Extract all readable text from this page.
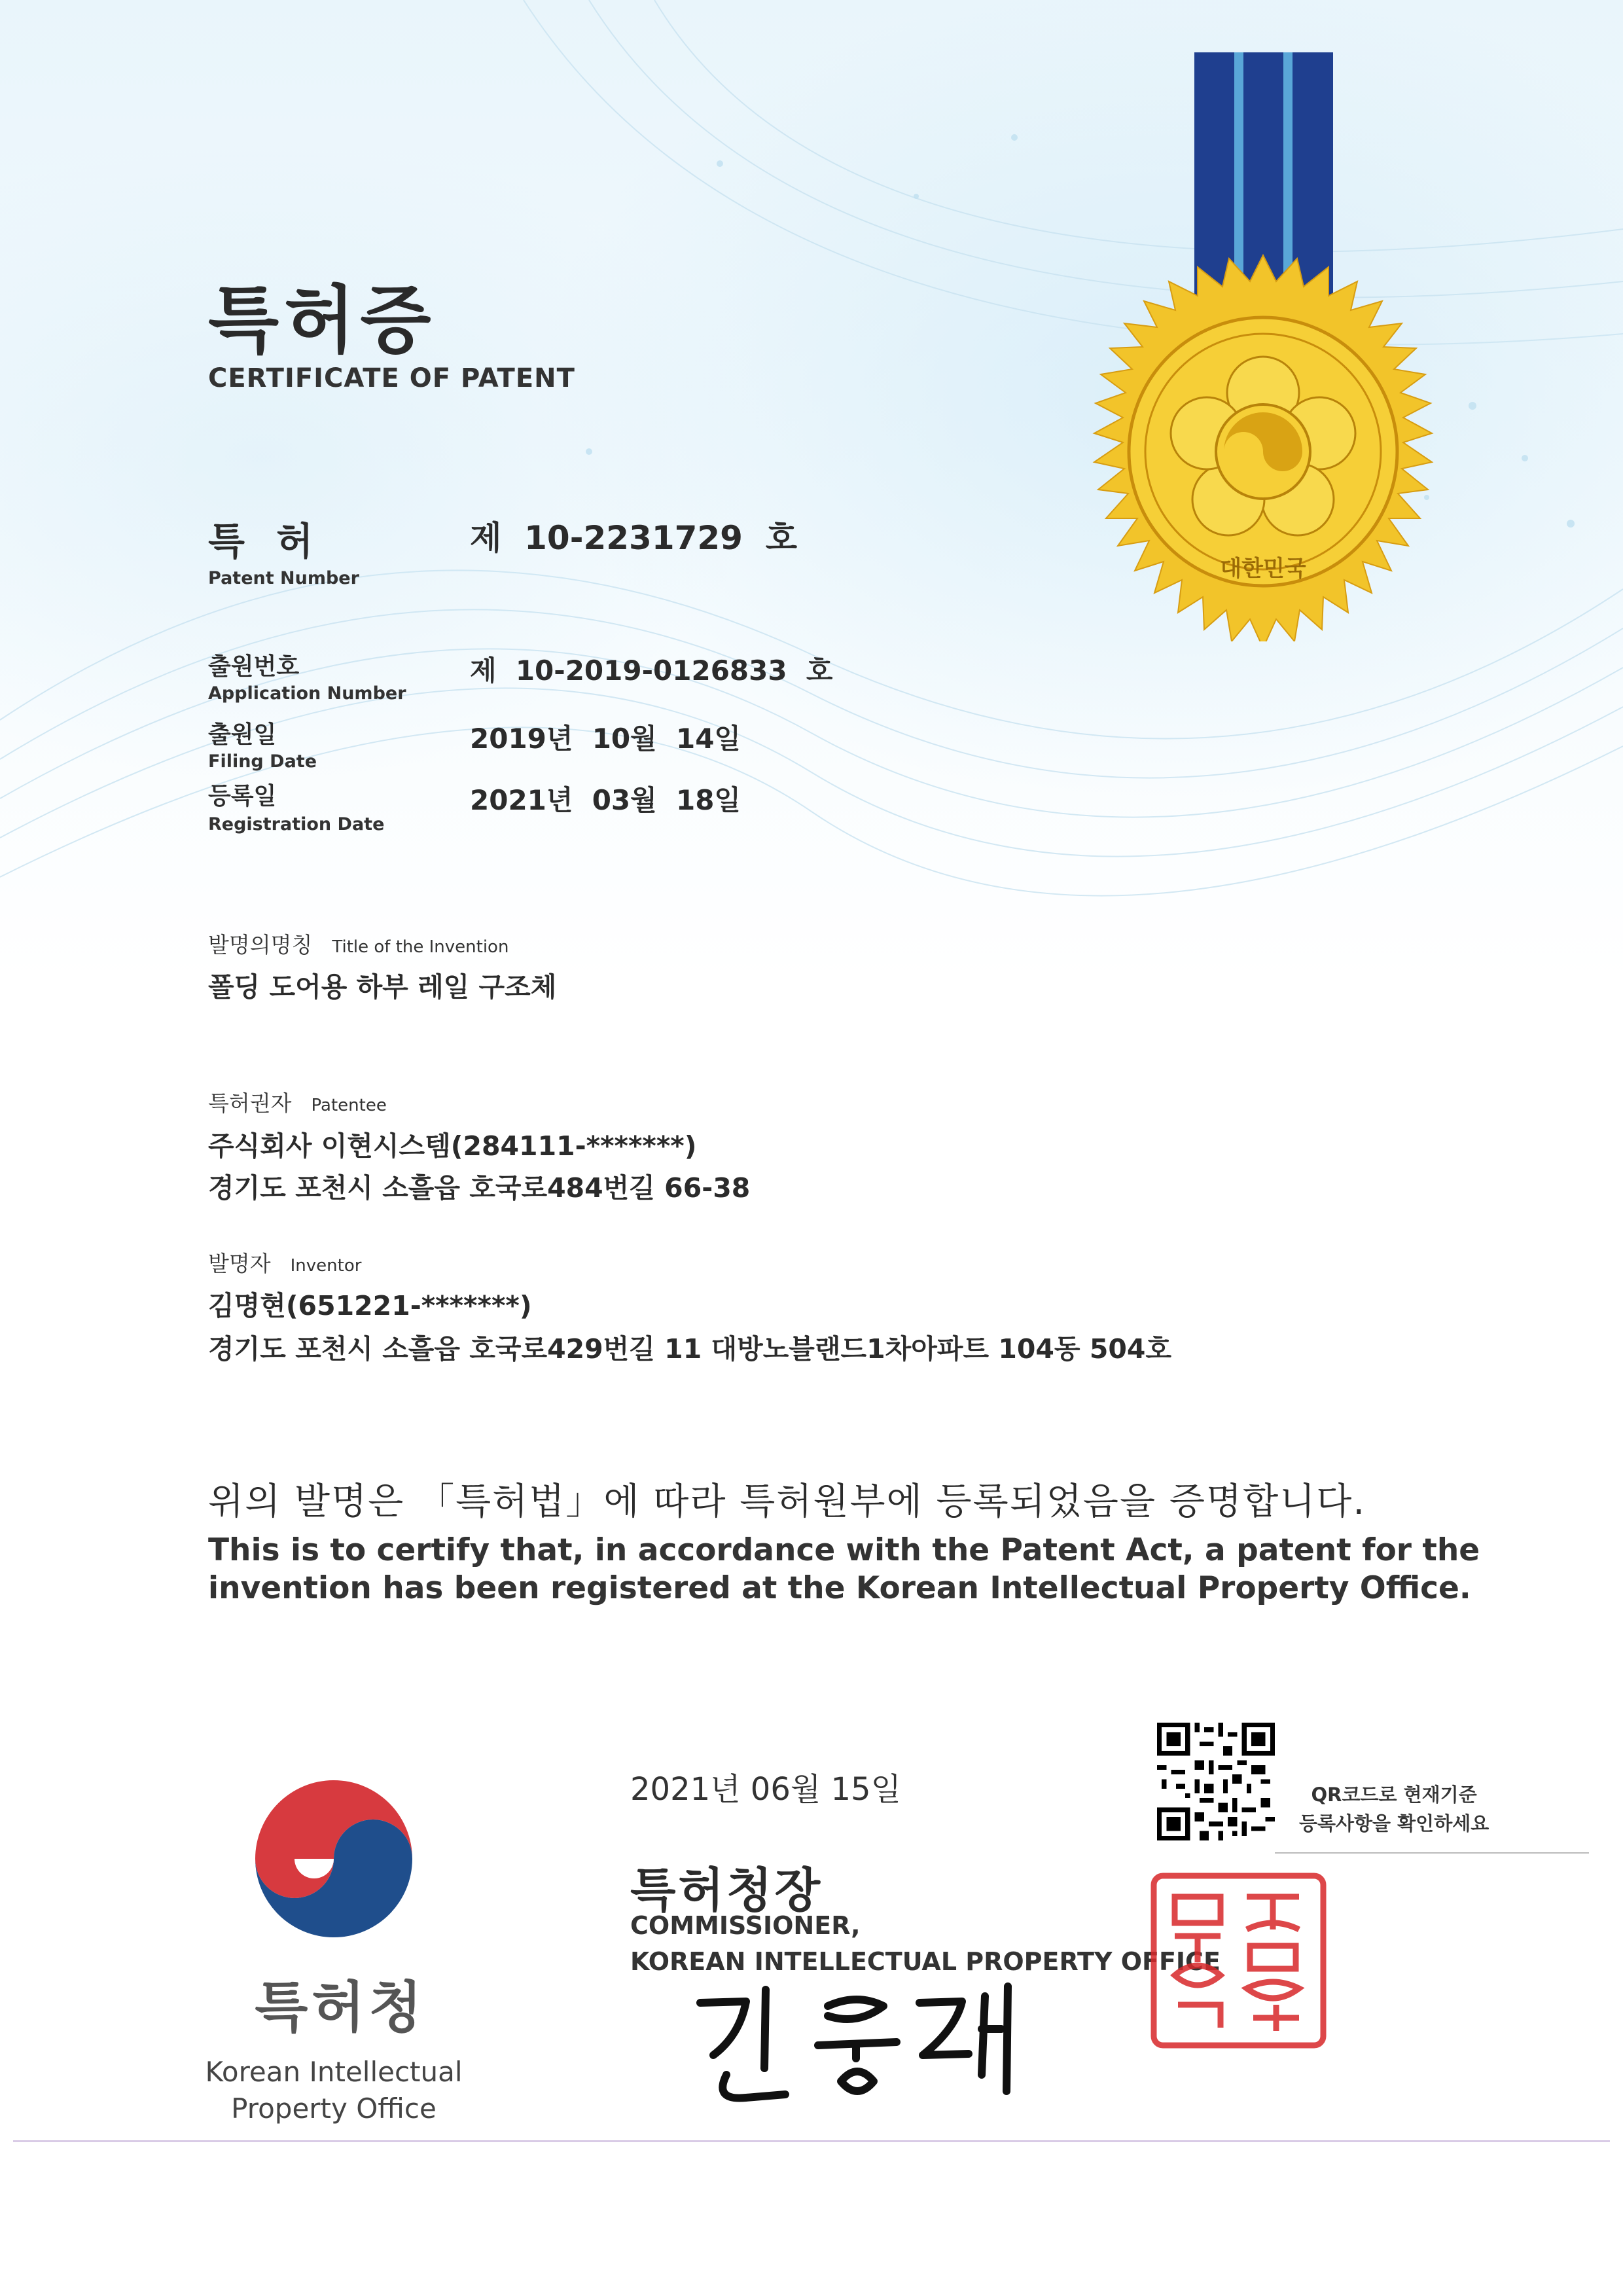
특허증
CERTIFICATE OF PATENT
대한민국
특 허
Patent Number
제  10-2231729  호
출원번호
Application Number
제  10-2019-0126833  호
출원일
Filing Date
2019년  10월  14일
등록일
Registration Date
2021년  03월  18일
발명의명칭 Title of the Invention
폴딩 도어용 하부 레일 구조체
특허권자 Patentee
주식회사 이현시스템(284111-*******)
경기도 포천시 소흘읍 호국로484번길 66-38
발명자 Inventor
김명현(651221-*******)
경기도 포천시 소흘읍 호국로429번길 11 대방노블랜드1차아파트 104동 504호
위의 발명은 「특허법」에 따라 특허원부에 등록되었음을 증명합니다.
This is to certify that, in accordance with the Patent Act, a patent for the invention has been registered at the Korean Intellectual Property Office.
특허청
Korean Intellectual
Property Office
2021년 06월 15일
특허청장
COMMISSIONER,
KOREAN INTELLECTUAL PROPERTY OFFICE
QR코드로 현재기준
등록사항을 확인하세요
